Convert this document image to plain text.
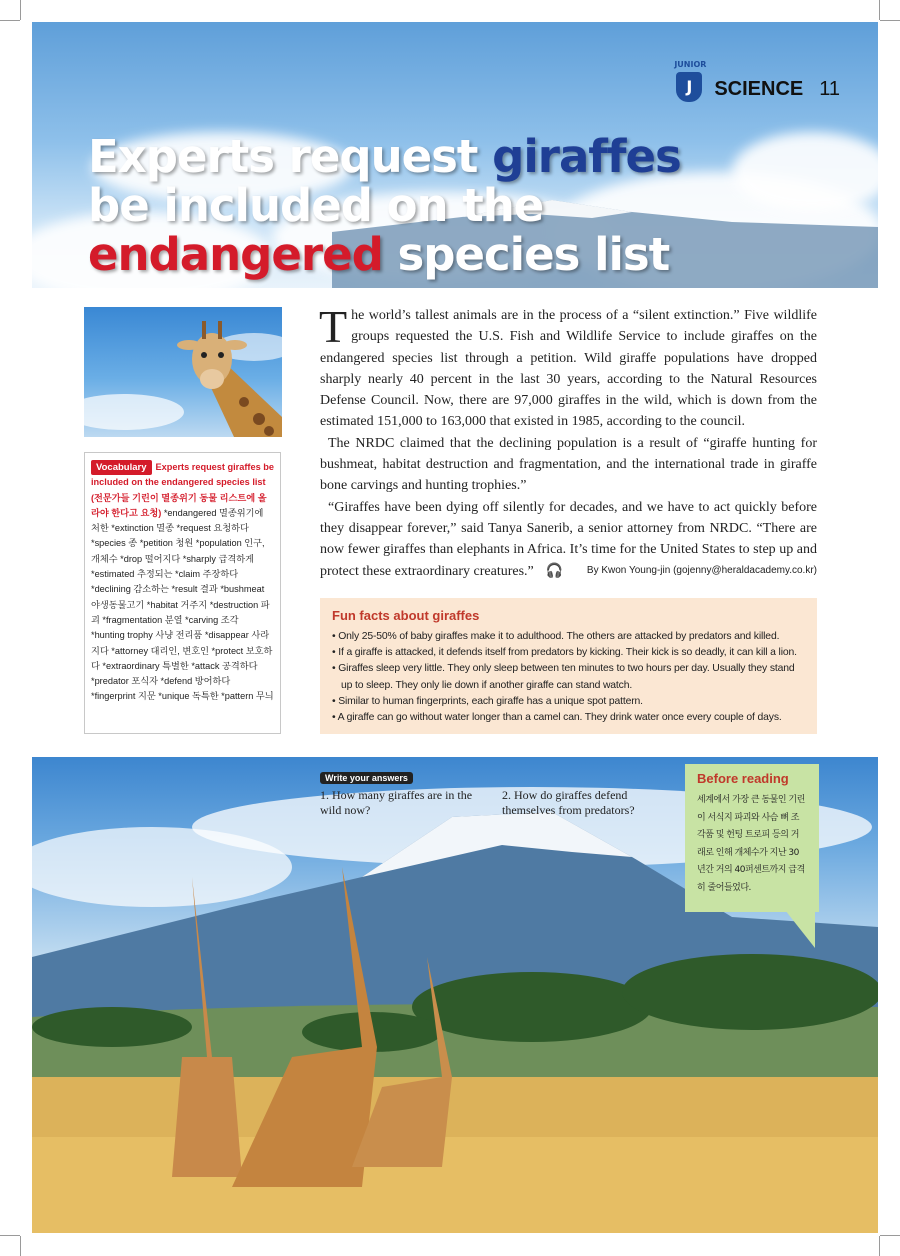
JUNIOR
J	SCIENCE 11
Experts request giraffes be included on the endangered species list
Vocabulary Experts request giraffes be included on the endangered species list (전문가들 기린이 멸종위기 동물 리스트에 올라야 한다고 요청) *endangered 멸종위기에 처한 *extinction 멸종 *request 요청하다 *species 종 *petition 청원 *population 인구, 개체수 *drop 떨어지다 *sharply 급격하게 *estimated 추정되는 *claim 주장하다 *declining 감소하는 *result 결과 *bushmeat 야생동물고기 *habitat 거주지 *destruction 파괴 *fragmentation 분열 *carving 조각 *hunting trophy 사냥 전리품 *disappear 사라지다 *attorney 대리인, 변호인 *protect 보호하다 *extraordinary 특별한 *attack 공격하다 *predator 포식자 *defend 방어하다 *fingerprint 지문 *unique 독특한 *pattern 무늬

The world’s tallest animals are in the process of a “silent extinction.” Five wildlife groups requested the U.S. Fish and Wildlife Service to include giraffes on the endangered species list through a petition. Wild giraffe populations have dropped sharply nearly 40 percent in the last 30 years, according to the Natural Resources Defense Council. Now, there are 97,000 giraffes in the wild, which is down from the estimated 151,000 to 163,000 that existed in 1985, according to the council.

The NRDC claimed that the declining population is a result of “giraffe hunting for bushmeat, habitat destruction and fragmentation, and the international trade in giraffe bone carvings and hunting trophies.”

“Giraffes have been dying off silently for decades, and we have to act quickly before they disappear forever,” said Tanya Sanerib, a senior attorney from NRDC. “There are now fewer giraffes than elephants in Africa. It’s time for the United States to step up and protect these extraordinary creatures.” 🎧	By Kwon Young-jin (gojenny@heraldacademy.co.kr)
Fun facts about giraffes
• Only 25-50% of baby giraffes make it to adulthood. The others are attacked by predators and killed.
• If a giraffe is attacked, it defends itself from predators by kicking. Their kick is so deadly, it can kill a lion.
• Giraffes sleep very little. They only sleep between ten minutes to two hours per day. Usually they stand up to sleep. They only lie down if another giraffe can stand watch.
• Similar to human fingerprints, each giraffe has a unique spot pattern.
• A giraffe can go without water longer than a camel can. They drink water once every couple of days.
Write your answers
1. How many giraffes are in the wild now?
2. How do giraffes defend themselves from predators?
Before reading

세계에서 가장 큰 동물인 기린이 서식지 파괴와 사슴 뼈 조각품 및 헌팅 트로피 등의 거래로 인해 개체수가 지난 30년간 거의 40퍼센트까지 급격히 줄어들었다.
